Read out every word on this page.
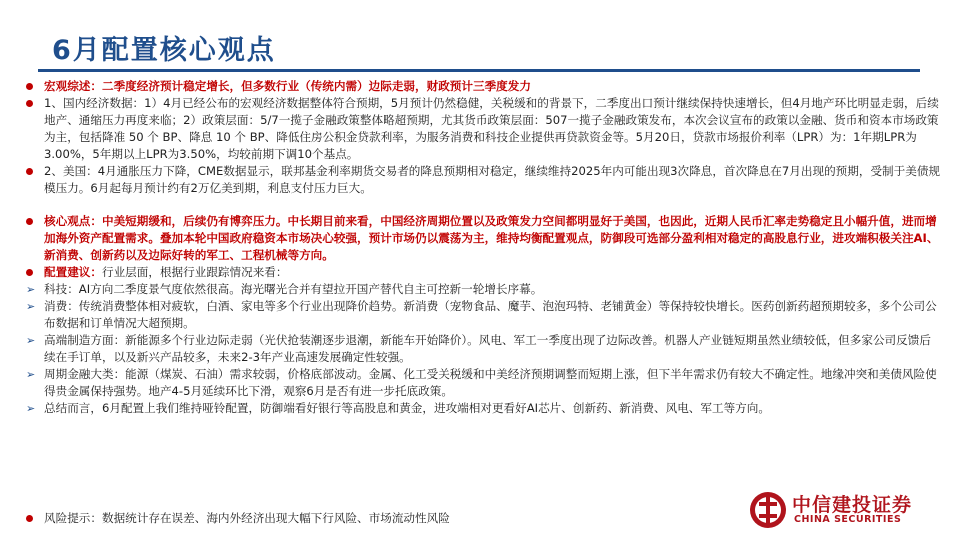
6月配置核心观点

宏观综述：二季度经济预计稳定增长，但多数行业（传统内需）边际走弱，财政预计三季度发力

1、国内经济数据：1）4月已经公布的宏观经济数据整体符合预期，5月预计仍然稳健，关税缓和的背景下，二季度出口预计继续保持快速增长，但4月地产环比明显走弱，后续地产、通缩压力再度来临；2）政策层面：5/7一揽子金融政策整体略超预期，尤其货币政策层面：507一揽子金融政策发布，本次会议宣布的政策以金融、货币和资本市场政策为主，包括降准 50 个 BP、降息 10 个 BP、降低住房公积金贷款利率，为服务消费和科技企业提供再贷款资金等。5月20日，贷款市场报价利率（LPR）为：1年期LPR为3.00%，5年期以上LPR为3.50%，均较前期下调10个基点。

2、美国：4月通胀压力下降，CME数据显示，联邦基金利率期货交易者的降息预期相对稳定，继续维持2025年内可能出现3次降息，首次降息在7月出现的预期，受制于美债规模压力。6月起每月预计约有2万亿美到期，利息支付压力巨大。

核心观点：中美短期缓和，后续仍有博弈压力。中长期目前来看，中国经济周期位置以及政策发力空间都明显好于美国，也因此，近期人民币汇率走势稳定且小幅升值，进而增加海外资产配置需求。叠加本轮中国政府稳资本市场决心较强，预计市场仍以震荡为主，维持均衡配置观点，防御段可选部分盈利相对稳定的高股息行业，进攻端积极关注AI、新消费、创新药以及边际好转的军工、工程机械等方向。

配置建议：行业层面，根据行业跟踪情况来看：

➢ 科技：AI方向二季度景气度依然很高。海光曙光合并有望拉开国产替代自主可控新一轮增长序幕。

➢ 消费：传统消费整体相对疲软，白酒、家电等多个行业出现降价趋势。新消费（宠物食品、魔芋、泡泡玛特、老铺黄金）等保持较快增长。医药创新药超预期较多，多个公司公布数据和订单情况大超预期。

➢ 高端制造方面：新能源多个行业边际走弱（光伏抢装潮逐步退潮，新能车开始降价）。风电、军工一季度出现了边际改善。机器人产业链短期虽然业绩较低，但多家公司反馈后续在手订单，以及新兴产品较多，未来2-3年产业高速发展确定性较强。

➢ 周期金融大类：能源（煤炭、石油）需求较弱，价格底部波动。金属、化工受关税缓和中美经济预期调整而短期上涨，但下半年需求仍有较大不确定性。地缘冲突和美债风险使得贵金属保持强势。地产4-5月延续环比下滑，观察6月是否有进一步托底政策。

➢ 总结而言，6月配置上我们维持哑铃配置，防御端看好银行等高股息和黄金，进攻端相对更看好AI芯片、创新药、新消费、风电、军工等方向。

风险提示：数据统计存在误差、海内外经济出现大幅下行风险、市场流动性风险

中信建投证券
CHINA SECURITIES
